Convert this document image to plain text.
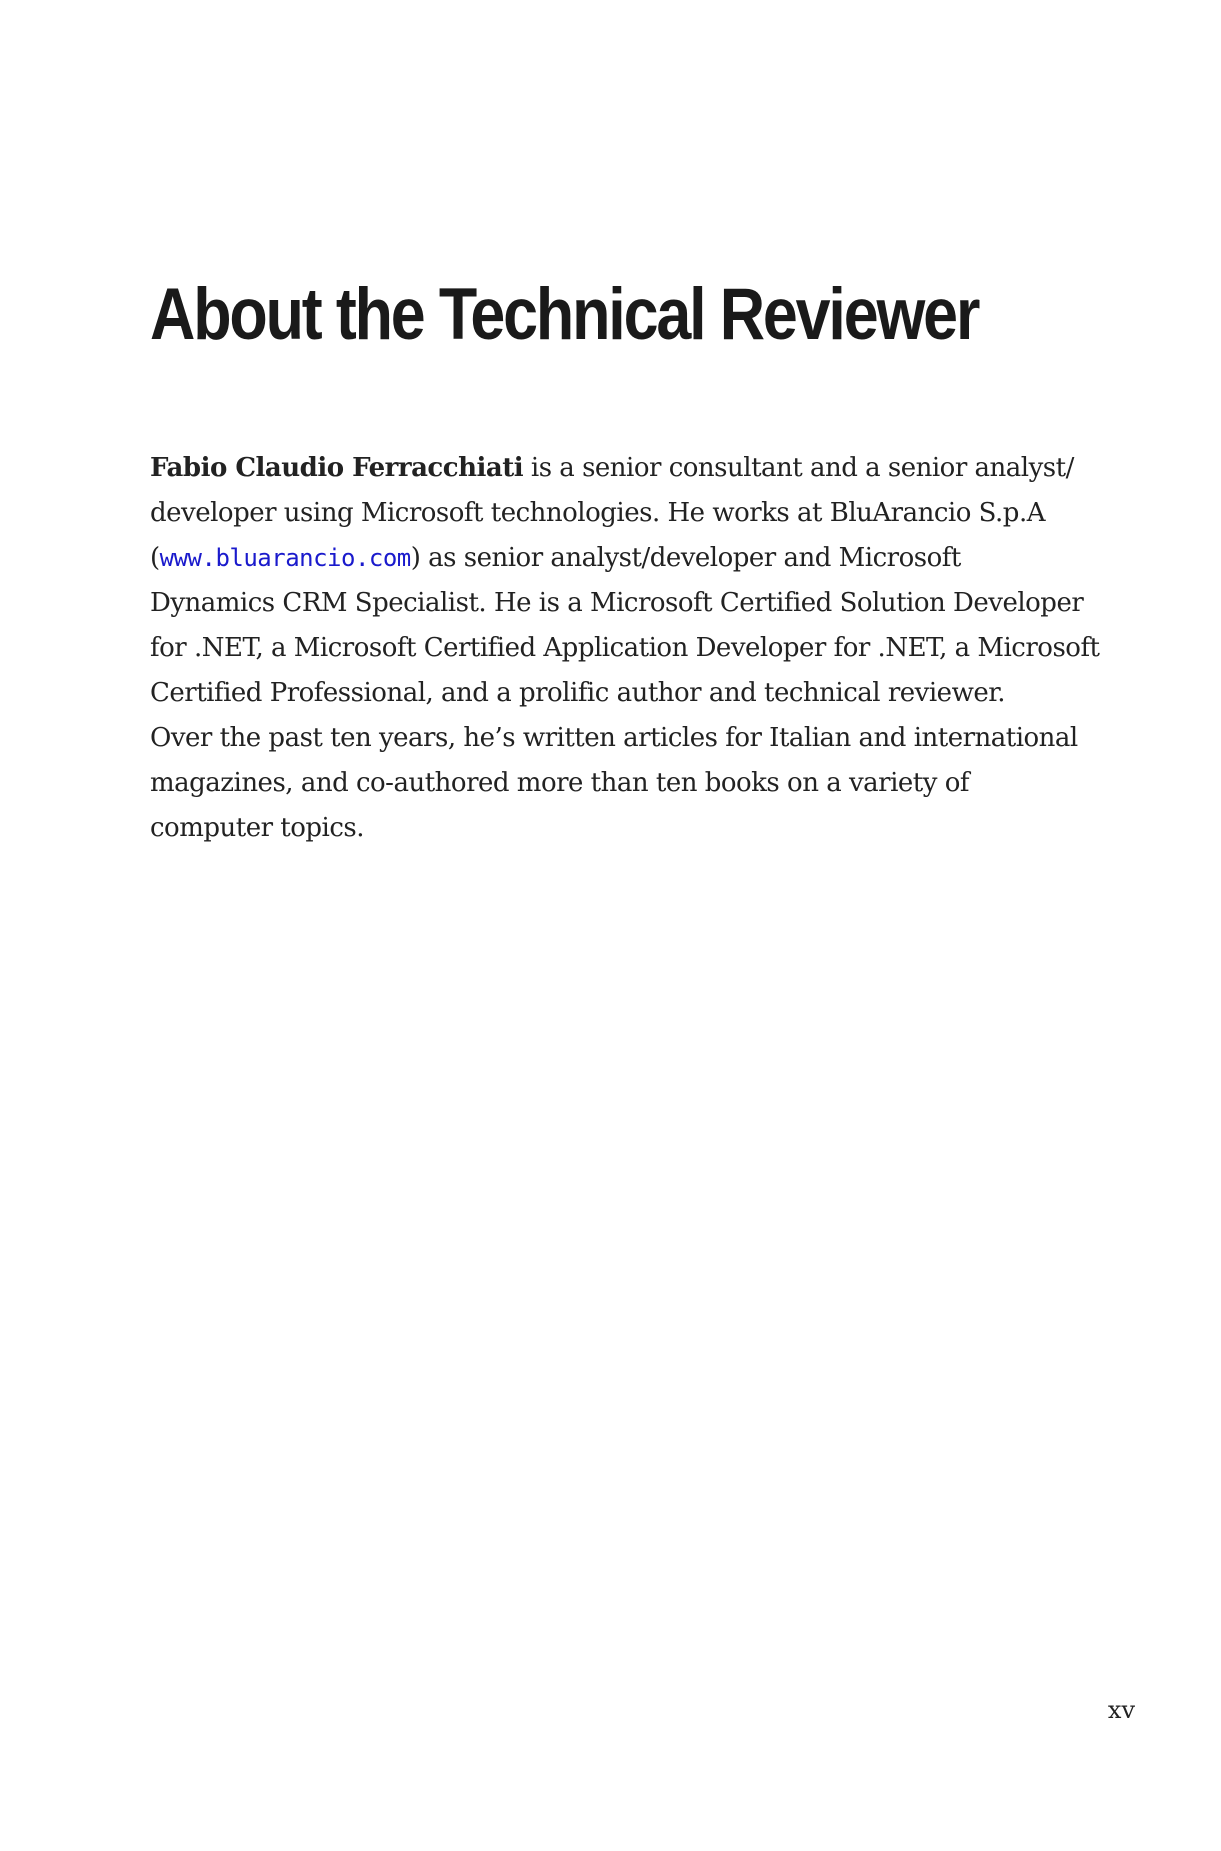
About the Technical Reviewer

Fabio Claudio Ferracchiati is a senior consultant and a senior analyst/
developer using Microsoft technologies. He works at BluArancio S.p.A
(www.bluarancio.com) as senior analyst/developer and Microsoft
Dynamics CRM Specialist. He is a Microsoft Certified Solution Developer
for .NET, a Microsoft Certified Application Developer for .NET, a Microsoft
Certified Professional, and a prolific author and technical reviewer.
Over the past ten years, he’s written articles for Italian and international
magazines, and co-authored more than ten books on a variety of
computer topics.

xv
